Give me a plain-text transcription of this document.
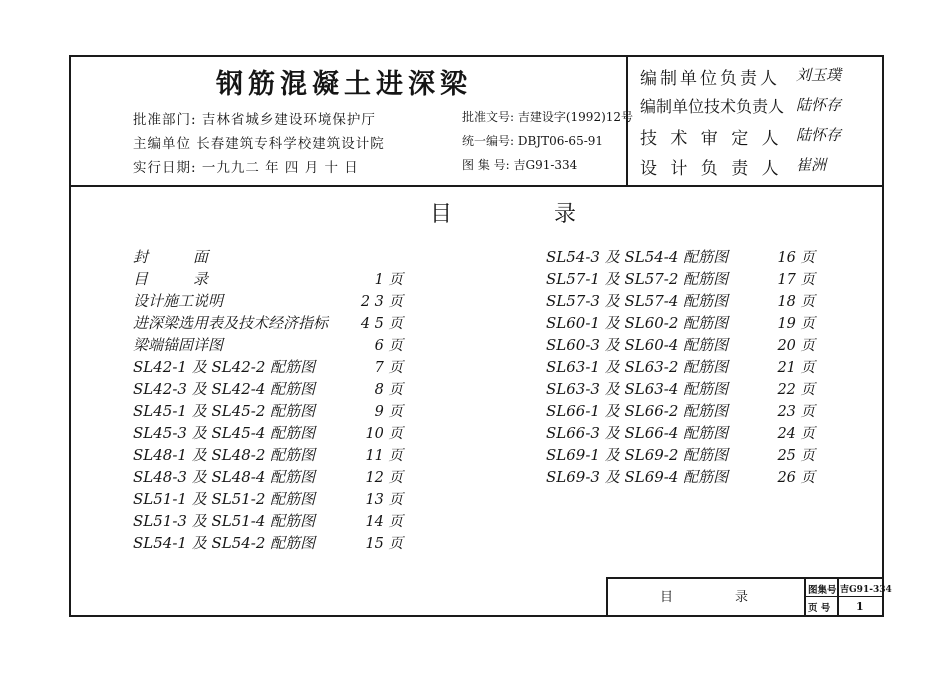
钢筋混凝土进深梁
批准部门: 吉林省城乡建设环境保护厅
主编单位 长春建筑专科学校建筑设计院
实行日期: 一九九二 年 四 月 十 日
批准文号: 吉建设字(1992)12号
统一编号: DBJT06-65-91
图 集 号: 吉G91-334
编制单位负责人 刘玉璞
编制单位技术负责人 陆怀存
技 术 审 定 人 陆怀存
设 计 负 责 人 崔洲
目　录
封　　　面
目　　　录	1 页
设计施工说明	2 3 页
进深梁选用表及技术经济指标	4 5 页
梁端锚固详图	6 页
SL42-1 及 SL42-2 配筋图	7 页
SL42-3 及 SL42-4 配筋图	8 页
SL45-1 及 SL45-2 配筋图	9 页
SL45-3 及 SL45-4 配筋图	10 页
SL48-1 及 SL48-2 配筋图	11 页
SL48-3 及 SL48-4 配筋图	12 页
SL51-1 及 SL51-2 配筋图	13 页
SL51-3 及 SL51-4 配筋图	14 页
SL54-1 及 SL54-2 配筋图	15 页
SL54-3 及 SL54-4 配筋图	16 页
SL57-1 及 SL57-2 配筋图	17 页
SL57-3 及 SL57-4 配筋图	18 页
SL60-1 及 SL60-2 配筋图	19 页
SL60-3 及 SL60-4 配筋图	20 页
SL63-1 及 SL63-2 配筋图	21 页
SL63-3 及 SL63-4 配筋图	22 页
SL66-1 及 SL66-2 配筋图	23 页
SL66-3 及 SL66-4 配筋图	24 页
SL69-1 及 SL69-2 配筋图	25 页
SL69-3 及 SL69-4 配筋图	26 页
目录
图集号 吉G91-334
页 号 1
